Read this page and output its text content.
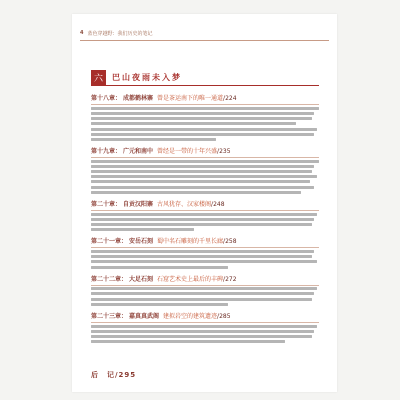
4 蓝色穿越野：我们历史的笔记
六	巴山夜雨未入梦
第十八章： 成都鹤林寨 曾是茶运南下的唯一通道 /224
第十九章： 广元和南中 曾经是一带的十年兴盛 /235
第二十章： 自贡汉阳寨 古风犹存、汉家楼阁 /248
第二十一章： 安岳石刻 蜀中名石雕刻的千里长廊 /258
第二十二章： 大足石刻 石窟艺术史上最后的丰碑 /272
第二十三章： 嘉真真武阁 建拟岩空的建筑遗迹 /285
后　记 /295
